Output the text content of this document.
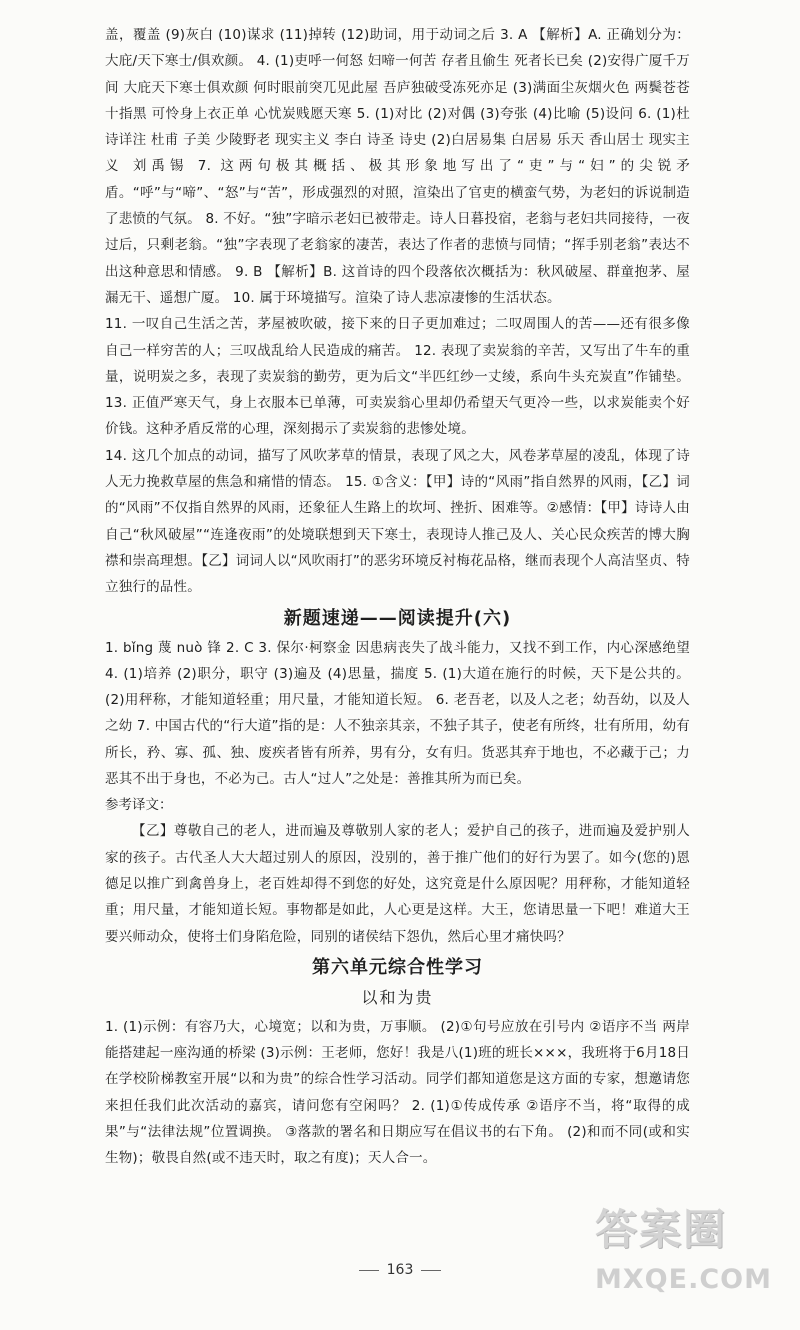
盖，覆盖 (9)灰白 (10)谋求 (11)掉转 (12)助词，用于动词之后 3. A 【解析】A. 正确划分为：大庇/天下寒士/俱欢颜。 4. (1)吏呼一何怒 妇啼一何苦 存者且偷生 死者长已矣 (2)安得广厦千万间 大庇天下寒士俱欢颜 何时眼前突兀见此屋 吾庐独破受冻死亦足 (3)满面尘灰烟火色 两鬓苍苍十指黑 可怜身上衣正单 心忧炭贱愿天寒 5. (1)对比 (2)对偶 (3)夸张 (4)比喻 (5)设问 6. (1)杜诗详注 杜甫 子美 少陵野老 现实主义 李白 诗圣 诗史 (2)白居易集 白居易 乐天 香山居士 现实主义 刘禹锡 7. 这两句极其概括、极其形象地写出了“吏”与“妇”的尖锐矛盾。“呼”与“啼”、“怒”与“苦”，形成强烈的对照，渲染出了官吏的横蛮气势，为老妇的诉说制造了悲愤的气氛。 8. 不好。“独”字暗示老妇已被带走。诗人日暮投宿，老翁与老妇共同接待，一夜过后，只剩老翁。“独”字表现了老翁家的凄苦，表达了作者的悲愤与同情；“挥手别老翁”表达不出这种意思和情感。 9. B 【解析】B. 这首诗的四个段落依次概括为：秋风破屋、群童抱茅、屋漏无干、遥想广厦。 10. 属于环境描写。渲染了诗人悲凉凄惨的生活状态。

11. 一叹自己生活之苦，茅屋被吹破，接下来的日子更加难过；二叹周围人的苦——还有很多像自己一样穷苦的人；三叹战乱给人民造成的痛苦。 12. 表现了卖炭翁的辛苦，又写出了牛车的重量，说明炭之多，表现了卖炭翁的勤劳，更为后文“半匹红纱一丈绫，系向牛头充炭直”作铺垫。 13. 正值严寒天气，身上衣服本已单薄，可卖炭翁心里却仍希望天气更冷一些，以求炭能卖个好价钱。这种矛盾反常的心理，深刻揭示了卖炭翁的悲惨处境。

14. 这几个加点的动词，描写了风吹茅草的情景，表现了风之大，风卷茅草屋的凌乱，体现了诗人无力挽救草屋的焦急和痛惜的情态。 15. ①含义：【甲】诗的“风雨”指自然界的风雨，【乙】词的“风雨”不仅指自然界的风雨，还象征人生路上的坎坷、挫折、困难等。②感情：【甲】诗诗人由自己“秋风破屋”“连逢夜雨”的处境联想到天下寒士，表现诗人推己及人、关心民众疾苦的博大胸襟和崇高理想。【乙】词词人以“风吹雨打”的恶劣环境反衬梅花品格，继而表现个人高洁坚贞、特立独行的品性。

新题速递——阅读提升(六)

1. bǐng 蔑 nuò 锋 2. C 3. 保尔·柯察金 因患病丧失了战斗能力，又找不到工作，内心深感绝望 4. (1)培养 (2)职分，职守 (3)遍及 (4)思量，揣度 5. (1)大道在施行的时候，天下是公共的。 (2)用秤称，才能知道轻重；用尺量，才能知道长短。 6. 老吾老，以及人之老；幼吾幼，以及人之幼 7. 中国古代的“行大道”指的是：人不独亲其亲，不独子其子，使老有所终，壮有所用，幼有所长，矜、寡、孤、独、废疾者皆有所养，男有分，女有归。货恶其弃于地也，不必藏于己；力恶其不出于身也，不必为己。古人“过人”之处是：善推其所为而已矣。

参考译文：

【乙】尊敬自己的老人，进而遍及尊敬别人家的老人；爱护自己的孩子，进而遍及爱护别人家的孩子。古代圣人大大超过别人的原因，没别的，善于推广他们的好行为罢了。如今(您的)恩德足以推广到禽兽身上，老百姓却得不到您的好处，这究竟是什么原因呢？用秤称，才能知道轻重；用尺量，才能知道长短。事物都是如此，人心更是这样。大王，您请思量一下吧！难道大王要兴师动众，使将士们身陷危险，同别的诸侯结下怨仇，然后心里才痛快吗？

第六单元综合性学习
以和为贵

1. (1)示例：有容乃大，心境宽；以和为贵，万事顺。 (2)①句号应放在引号内 ②语序不当 两岸能搭建起一座沟通的桥梁 (3)示例：王老师，您好！我是八(1)班的班长×××，我班将于6月18日在学校阶梯教室开展“以和为贵”的综合性学习活动。同学们都知道您是这方面的专家，想邀请您来担任我们此次活动的嘉宾，请问您有空闲吗？ 2. (1)①传成传承 ②语序不当，将“取得的成果”与“法律法规”位置调换。 ③落款的署名和日期应写在倡议书的右下角。 (2)和而不同(或和实生物)；敬畏自然(或不违天时，取之有度)；天人合一。

163
答案圈
MXQE.COM
